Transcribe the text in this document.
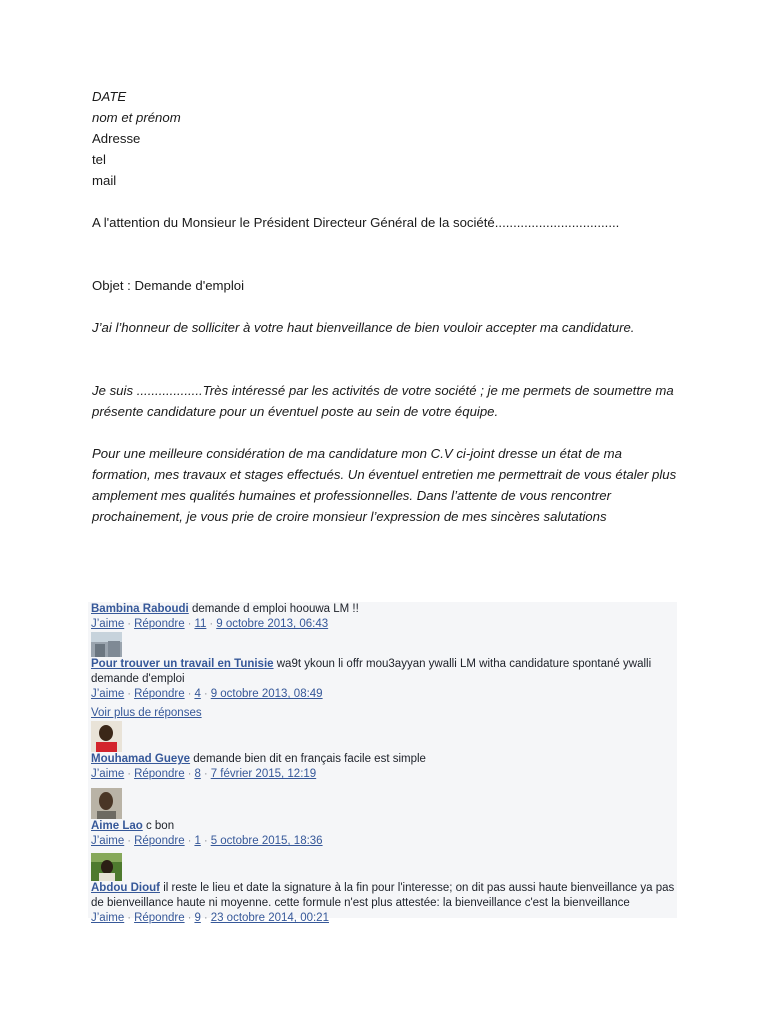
DATE
nom et prénom
Adresse
tel
mail
A l'attention du Monsieur le Président Directeur Général de la société..................................
Objet : Demande d'emploi
J’ai l’honneur de solliciter à votre haut bienveillance de bien vouloir accepter ma candidature.
Je suis ..................Très intéressé par les activités de votre société ; je me permets de soumettre ma présente candidature pour un éventuel poste au sein de votre équipe.
Pour une meilleure considération de ma candidature mon C.V ci-joint dresse un état de ma formation, mes travaux et stages effectués. Un éventuel entretien me permettrait de vous étaler plus amplement mes qualités humaines et professionnelles. Dans l’attente de vous rencontrer prochainement, je vous prie de croire monsieur l’expression de mes sincères salutations
Bambina Raboudi demande d emploi hoouwa LM !!
J’aime · Répondre · 11 · 9 octobre 2013, 06:43
Pour trouver un travail en Tunisie wa9t ykoun li offr mou3ayyan ywalli LM witha candidature spontané ywalli demande d'emploi
J’aime · Répondre · 4 · 9 octobre 2013, 08:49
Voir plus de réponses
Mouhamad Gueye demande bien dit en français facile est simple
J’aime · Répondre · 8 · 7 février 2015, 12:19
Aime Lao c bon
J’aime · Répondre · 1 · 5 octobre 2015, 18:36
Abdou Diouf il reste le lieu et date la signature à la fin pour l'interesse; on dit pas aussi haute bienveillance ya pas de bienveillance haute ni moyenne. cette formule n'est plus attestée: la bienveillance c'est la bienveillance
J’aime · Répondre · 9 · 23 octobre 2014, 00:21
